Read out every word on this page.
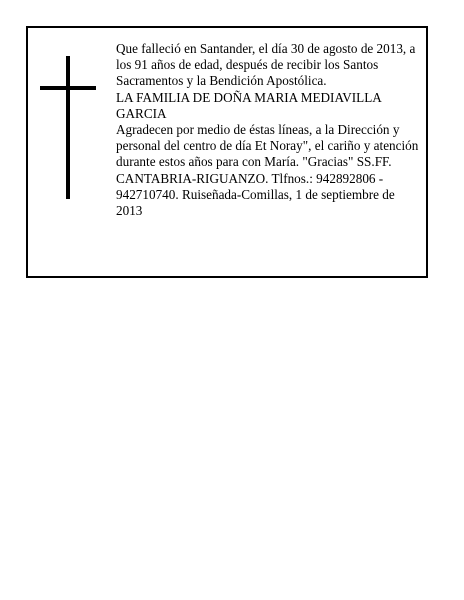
Que falleció en Santander, el día 30 de agosto de 2013, a los 91 años de edad, después de recibir los Santos Sacramentos y la Bendición Apostólica.

LA FAMILIA DE DOÑA MARIA MEDIAVILLA GARCIA

Agradecen por medio de éstas líneas, a la Dirección y personal del centro de día Et Noray", el cariño y atención durante estos años para con María. "Gracias" SS.FF. CANTABRIA-RIGUANZO. Tlfnos.: 942892806 - 942710740. Ruiseñada-Comillas, 1 de septiembre de 2013
